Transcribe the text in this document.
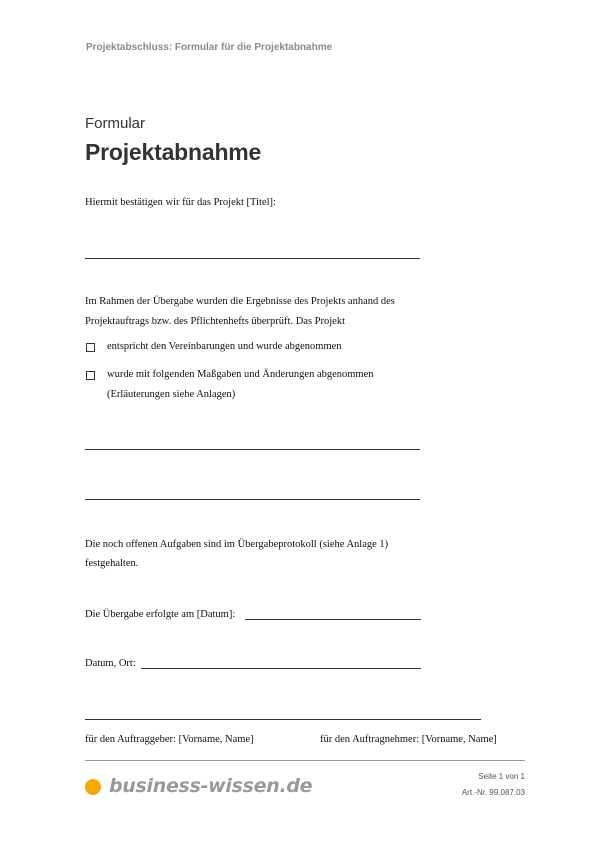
Projektabschluss: Formular für die Projektabnahme
Formular
Projektabnahme
Hiermit bestätigen wir für das Projekt [Titel]:
Im Rahmen der Übergabe wurden die Ergebnisse des Projekts anhand des
Projektauftrags bzw. des Pflichtenhefts überprüft. Das Projekt
entspricht den Vereinbarungen und wurde abgenommen
wurde mit folgenden Maßgaben und Änderungen abgenommen
(Erläuterungen siehe Anlagen)
Die noch offenen Aufgaben sind im Übergabeprotokoll (siehe Anlage 1)
festgehalten.
Die Übergabe erfolgte am [Datum]:
Datum, Ort:
für den Auftraggeber: [Vorname, Name]	für den Auftragnehmer: [Vorname, Name]
business-wissen.de	Seite 1 von 1
Art.-Nr. 99.087.03
